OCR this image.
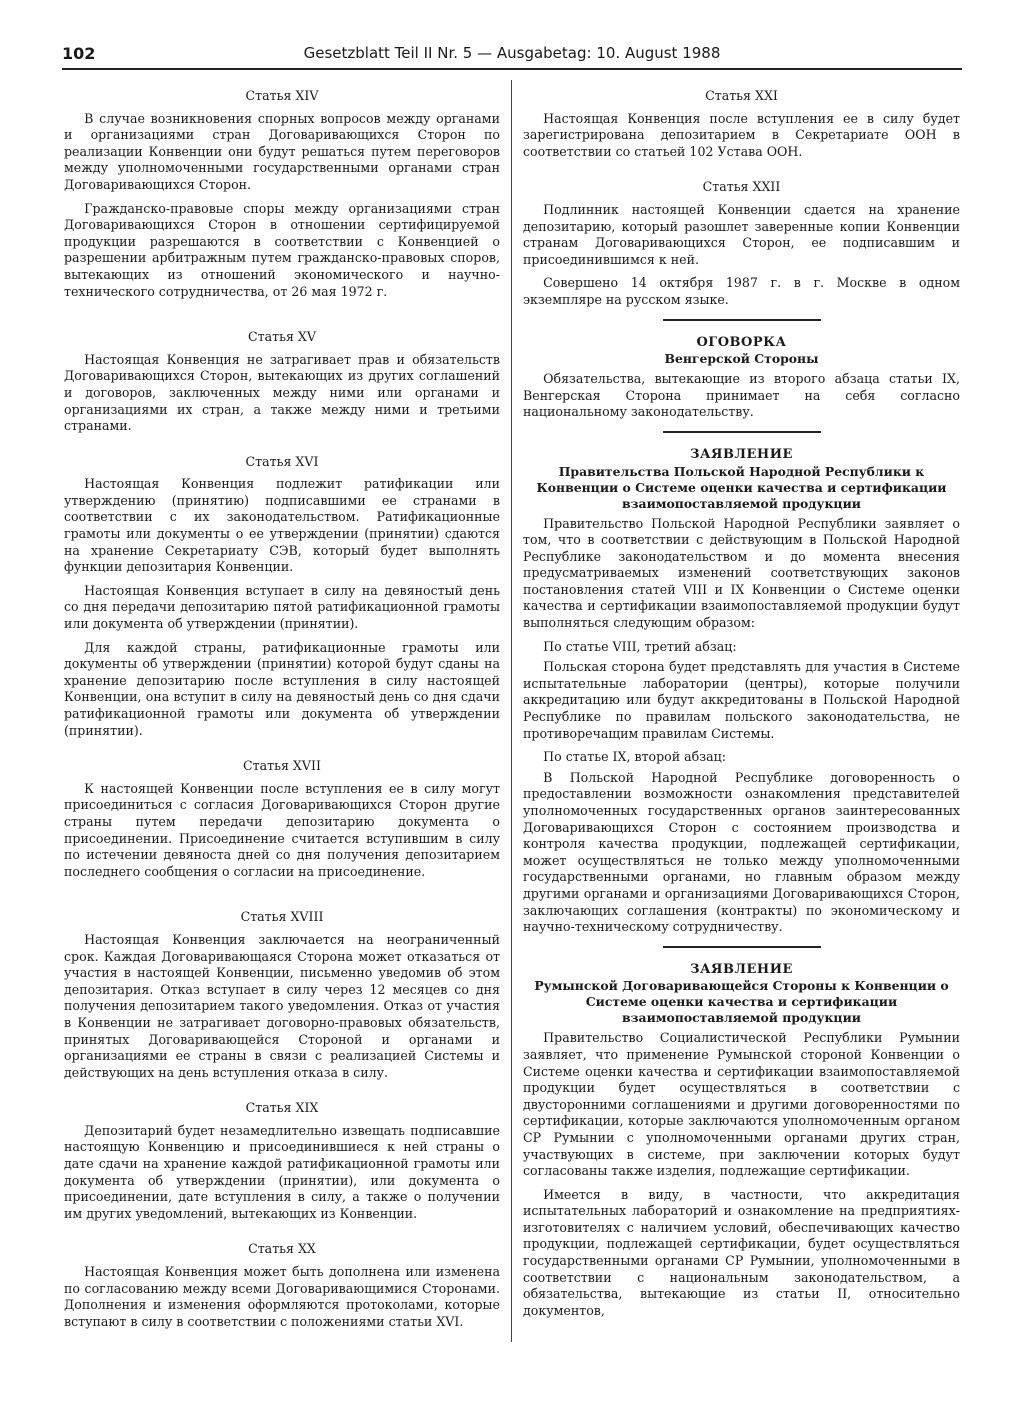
102	Gesetzblatt Teil II Nr. 5 — Ausgabetag: 10. August 1988
Статья XIV

В случае возникновения спорных вопросов между органами и организациями стран Договаривающихся Сторон по реализации Конвенции они будут решаться путем переговоров между уполномоченными государственными органами стран Договаривающихся Сторон.

Гражданско-правовые споры между организациями стран Договаривающихся Сторон в отношении сертифицируемой продукции разрешаются в соответствии с Конвенцией о разрешении арбитражным путем гражданско-правовых споров, вытекающих из отношений экономического и научно-технического сотрудничества, от 26 мая 1972 г.

Статья XV

Настоящая Конвенция не затрагивает прав и обязательств Договаривающихся Сторон, вытекающих из других соглашений и договоров, заключенных между ними или органами и организациями их стран, а также между ними и третьими странами.

Статья XVI

Настоящая Конвенция подлежит ратификации или утверждению (принятию) подписавшими ее странами в соответствии с их законодательством. Ратификационные грамоты или документы о ее утверждении (принятии) сдаются на хранение Секретариату СЭВ, который будет выполнять функции депозитария Конвенции.

Настоящая Конвенция вступает в силу на девяностый день со дня передачи депозитарию пятой ратификационной грамоты или документа об утверждении (принятии).

Для каждой страны, ратификационные грамоты или документы об утверждении (принятии) которой будут сданы на хранение депозитарию после вступления в силу настоящей Конвенции, она вступит в силу на девяностый день со дня сдачи ратификационной грамоты или документа об утверждении (принятии).

Статья XVII

К настоящей Конвенции после вступления ее в силу могут присоединиться с согласия Договаривающихся Сторон другие страны путем передачи депозитарию документа о присоединении. Присоединение считается вступившим в силу по истечении девяноста дней со дня получения депозитарием последнего сообщения о согласии на присоединение.

Статья XVIII

Настоящая Конвенция заключается на неограниченный срок. Каждая Договаривающаяся Сторона может отказаться от участия в настоящей Конвенции, письменно уведомив об этом депозитария. Отказ вступает в силу через 12 месяцев со дня получения депозитарием такого уведомления. Отказ от участия в Конвенции не затрагивает договорно-правовых обязательств, принятых Договаривающейся Стороной и органами и организациями ее страны в связи с реализацией Системы и действующих на день вступления отказа в силу.

Статья XIX

Депозитарий будет незамедлительно извещать подписавшие настоящую Конвенцию и присоединившиеся к ней страны о дате сдачи на хранение каждой ратификационной грамоты или документа об утверждении (принятии), или документа о присоединении, дате вступления в силу, а также о получении им других уведомлений, вытекающих из Конвенции.

Статья XX

Настоящая Конвенция может быть дополнена или изменена по согласованию между всеми Договаривающимися Сторонами. Дополнения и изменения оформляются протоколами, которые вступают в силу в соответствии с положениями статьи XVI.

Статья XXI

Настоящая Конвенция после вступления ее в силу будет зарегистрирована депозитарием в Секретариате ООН в соответствии со статьей 102 Устава ООН.

Статья XXII

Подлинник настоящей Конвенции сдается на хранение депозитарию, который разошлет заверенные копии Конвенции странам Договаривающихся Сторон, ее подписавшим и присоединившимся к ней.

Совершено 14 октября 1987 г. в г. Москве в одном экземпляре на русском языке.

ОГОВОРКА
Венгерской Стороны

Обязательства, вытекающие из второго абзаца статьи IX, Венгерская Сторона принимает на себя согласно национальному законодательству.

ЗАЯВЛЕНИЕ
Правительства Польской Народной Республики к Конвенции о Системе оценки качества и сертификации взаимопоставляемой продукции

Правительство Польской Народной Республики заявляет о том, что в соответствии с действующим в Польской Народной Республике законодательством и до момента внесения предусматриваемых изменений соответствующих законов постановления статей VIII и IX Конвенции о Системе оценки качества и сертификации взаимопоставляемой продукции будут выполняться следующим образом:

По статье VIII, третий абзац:

Польская сторона будет представлять для участия в Системе испытательные лаборатории (центры), которые получили аккредитацию или будут аккредитованы в Польской Народной Республике по правилам польского законодательства, не противоречащим правилам Системы.

По статье IX, второй абзац:

В Польской Народной Республике договоренность о предоставлении возможности ознакомления представителей уполномоченных государственных органов заинтересованных Договаривающихся Сторон с состоянием производства и контроля качества продукции, подлежащей сертификации, может осуществляться не только между уполномоченными государственными органами, но главным образом между другими органами и организациями Договаривающихся Сторон, заключающих соглашения (контракты) по экономическому и научно-техническому сотрудничеству.

ЗАЯВЛЕНИЕ
Румынской Договаривающейся Стороны к Конвенции о Системе оценки качества и сертификации взаимопоставляемой продукции

Правительство Социалистической Республики Румынии заявляет, что применение Румынской стороной Конвенции о Системе оценки качества и сертификации взаимопоставляемой продукции будет осуществляться в соответствии с двусторонними соглашениями и другими договоренностями по сертификации, которые заключаются уполномоченным органом СР Румынии с уполномоченными органами других стран, участвующих в системе, при заключении которых будут согласованы также изделия, подлежащие сертификации.

Имеется в виду, в частности, что аккредитация испытательных лабораторий и ознакомление на предприятиях-изготовителях с наличием условий, обеспечивающих качество продукции, подлежащей сертификации, будет осуществляться государственными органами СР Румынии, уполномоченными в соответствии с национальным законодательством, а обязательства, вытекающие из статьи II, относительно документов,
